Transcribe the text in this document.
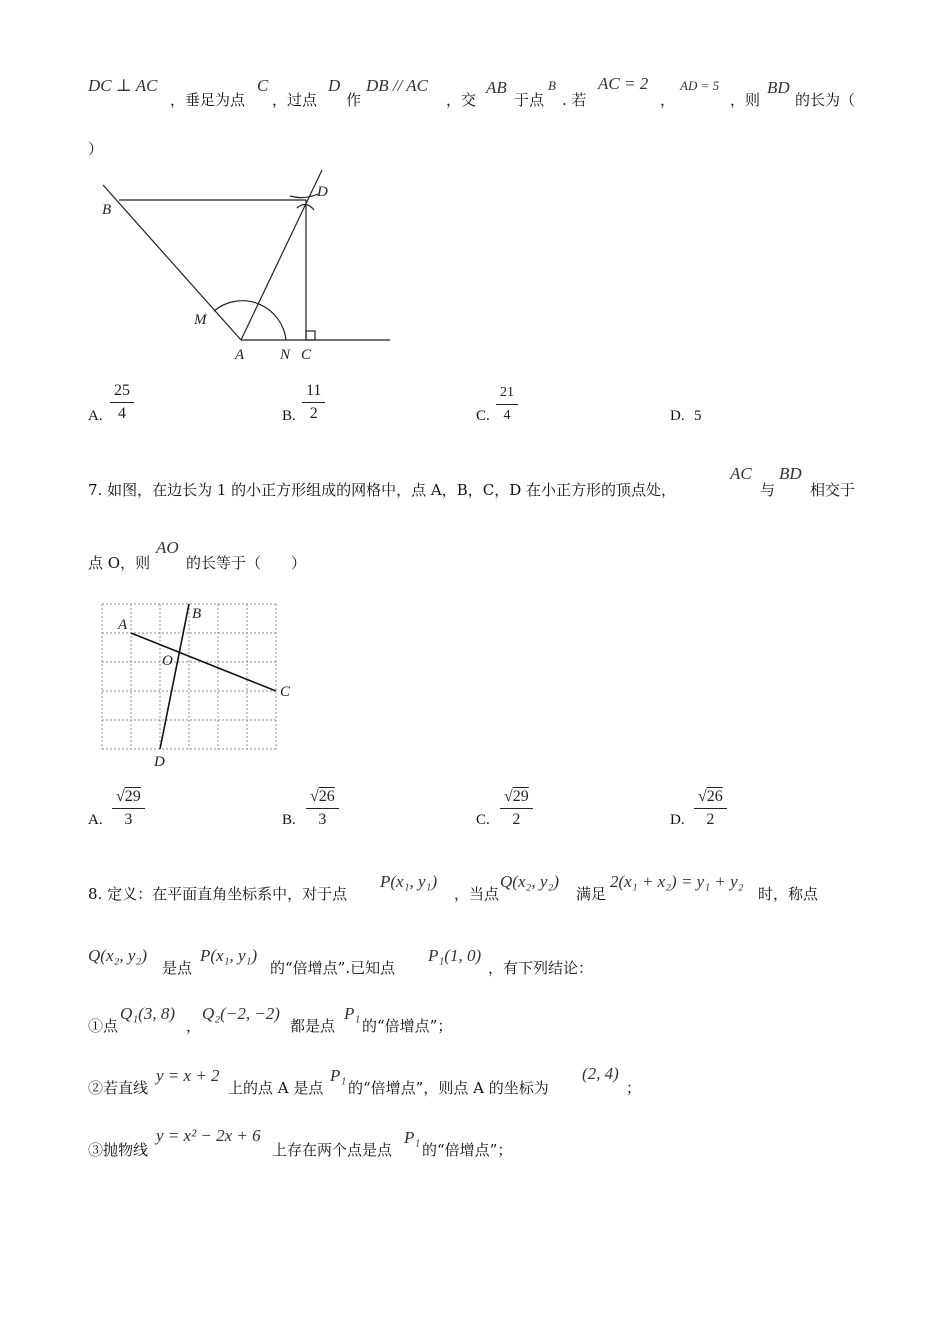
DC ⊥ AC
，垂足为点
C
，过点
D
作
DB // AC
，交
AB
于点
B
. 若
AC = 2
，
AD = 5
，则
BD
的长为（
）
B
D
M
A N C
A. $\frac{25}{4}$	B. $\frac{11}{2}$	C. $\frac{21}{4}$	D. 5
7. 如图，在边长为 1 的小正方形组成的网格中，点 A，B，C，D 在小正方形的顶点处，
AC
与
BD
相交于
点 O，则
AO
的长等于（　　）
A
B
O
C
D
A. $\frac{√29}{3}$	B. $\frac{√26}{3}$	C. $\frac{√29}{2}$	D. $\frac{√26}{2}$
8. 定义：在平面直角坐标系中，对于点
P(x₁, y₁)
，当点
Q(x₂, y₂)
满足
2(x₁ + x₂) = y₁ + y₂
时，称点
Q(x₂, y₂)
是点
P(x₁, y₁)
的“倍增点”.已知点
P₁(1, 0)
，有下列结论：
①点
Q₁(3, 8)
，
Q₂(−2, −2)
都是点
P₁
的“倍增点”；
②若直线
y = x + 2
上的点 A 是点
P₁
的“倍增点”，则点 A 的坐标为
(2, 4)
；
③抛物线
y = x² − 2x + 6
上存在两个点是点
P₁
的“倍增点”；
